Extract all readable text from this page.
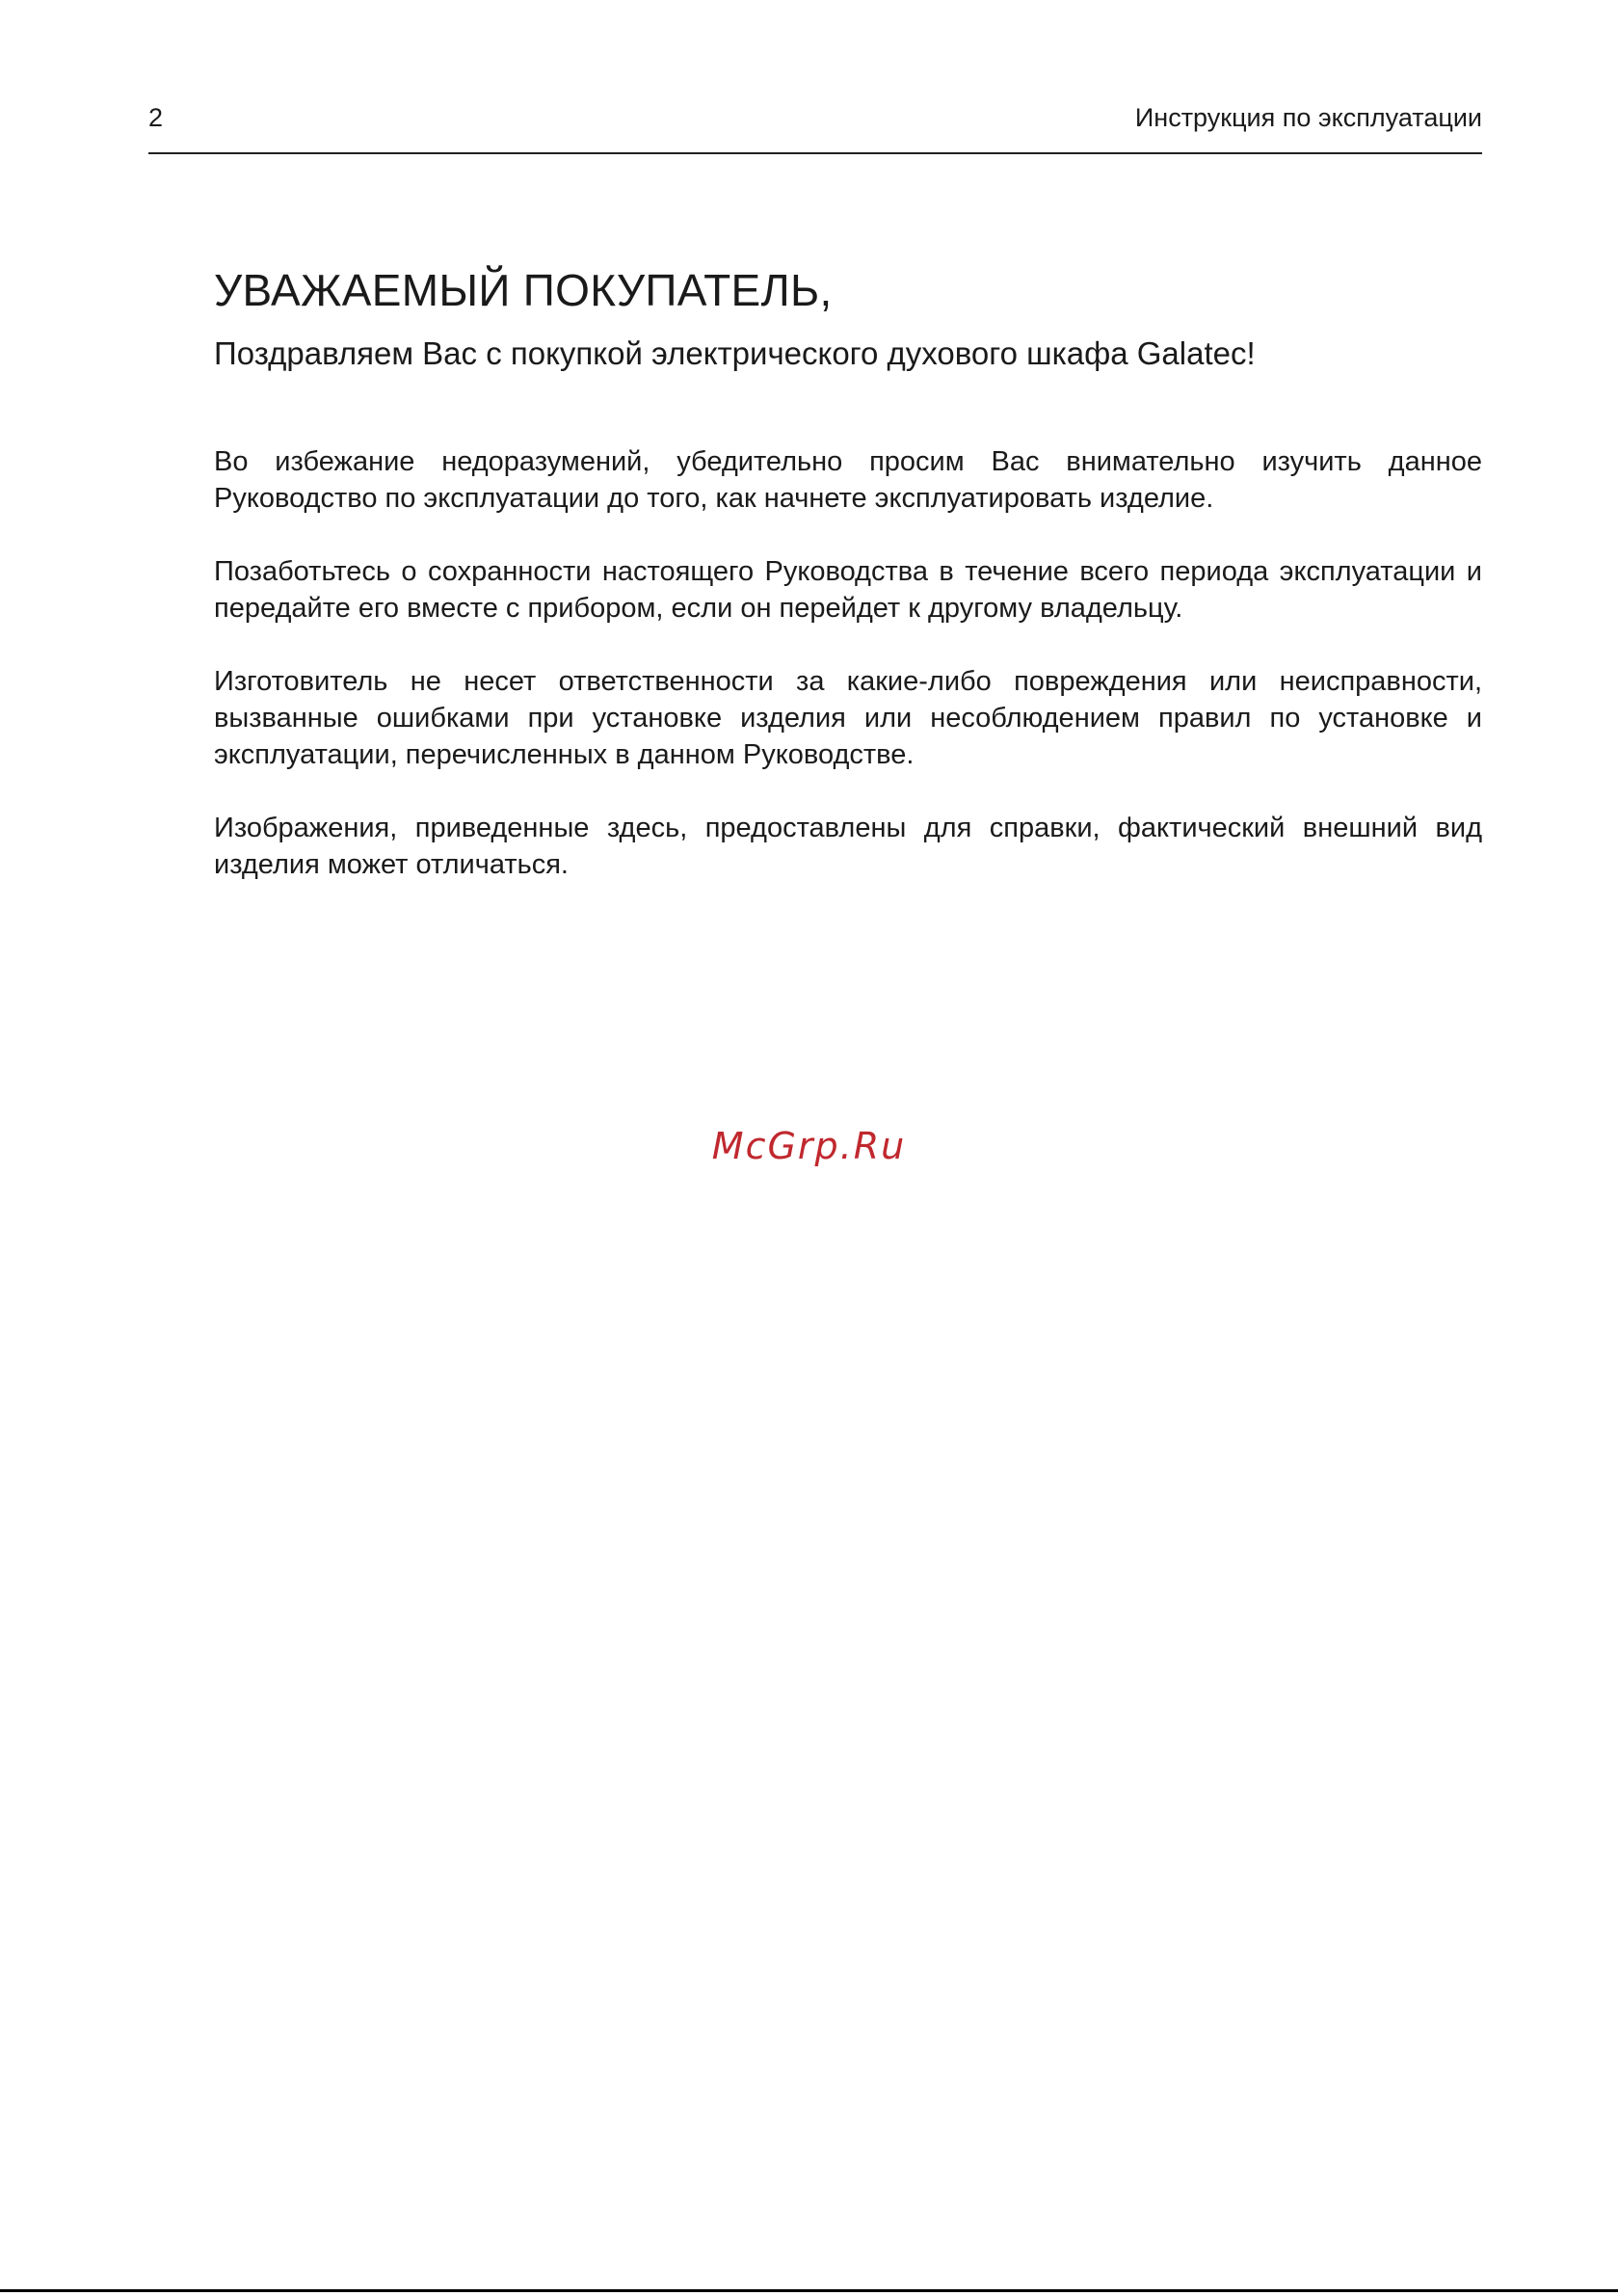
2	Инструкция по эксплуатации
УВАЖАЕМЫЙ ПОКУПАТЕЛЬ,
Поздравляем Вас с покупкой электрического духового шкафа Galatec!

Во избежание недоразумений, убедительно просим Вас внимательно изучить данное Руководство по эксплуатации до того, как начнете эксплуатировать изделие.

Позаботьтесь о сохранности настоящего Руководства в течение всего периода эксплуатации и передайте его вместе с прибором, если он перейдет к другому владельцу.

Изготовитель не несет ответственности за какие-либо повреждения или неисправности, вызванные ошибками при установке изделия или несоблюдением правил по установке и эксплуатации, перечисленных в данном Руководстве.

Изображения, приведенные здесь, предоставлены для справки, фактический внешний вид изделия может отличаться.

McGrp.Ru
